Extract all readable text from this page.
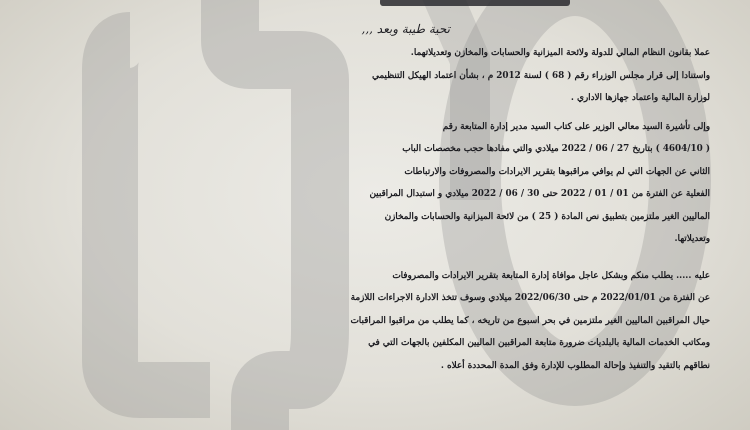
تحية طيبة وبعد ,,,
عملا بقانون النظام المالي للدولة ولائحة الميزانية والحسابات والمخازن وتعديلاتهما.
واستنادا إلى قرار مجلس الوزراء رقم ( 68 ) لسنة 2012 م ، بشأن اعتماد الهيكل التنظيمي
لوزارة المالية واعتماد جهازها الاداري .
وإلى تأشيرة السيد معالي الوزير على كتاب السيد مدير إدارة المتابعة رقم
( 4604/10 ) بتاريخ 27 / 06 / 2022 ميلادي والتي مفادها حجب مخصصات الباب
الثاني عن الجهات التي لم يوافي مراقبوها بتقرير الايرادات والمصروفات والارتباطات
الفعلية عن الفترة من 01 / 01 / 2022 حتى 30 / 06 / 2022 ميلادي و استبدال المراقبين
الماليين الغير ملتزمين بتطبيق نص المادة ( 25 ) من لائحة الميزانية والحسابات والمخازن
وتعديلاتها.
عليه ..... يطلب منكم وبشكل عاجل موافاة إدارة المتابعة بتقرير الايرادات والمصروفات
عن الفترة من 2022/01/01 م حتى 2022/06/30 ميلادي وسوف تتخذ الادارة الاجراءات اللازمة
حيال المراقبين الماليين الغير ملتزمين في بحر اسبوع من تاريخه ، كما يطلب من مراقبوا المراقبات
ومكاتب الخدمات المالية بالبلديات ضرورة متابعة المراقبين الماليين المكلفين بالجهات التي في
نطاقهم بالتقيد والتنفيذ وإحالة المطلوب للإدارة وفق المدة المحددة أعلاه .
